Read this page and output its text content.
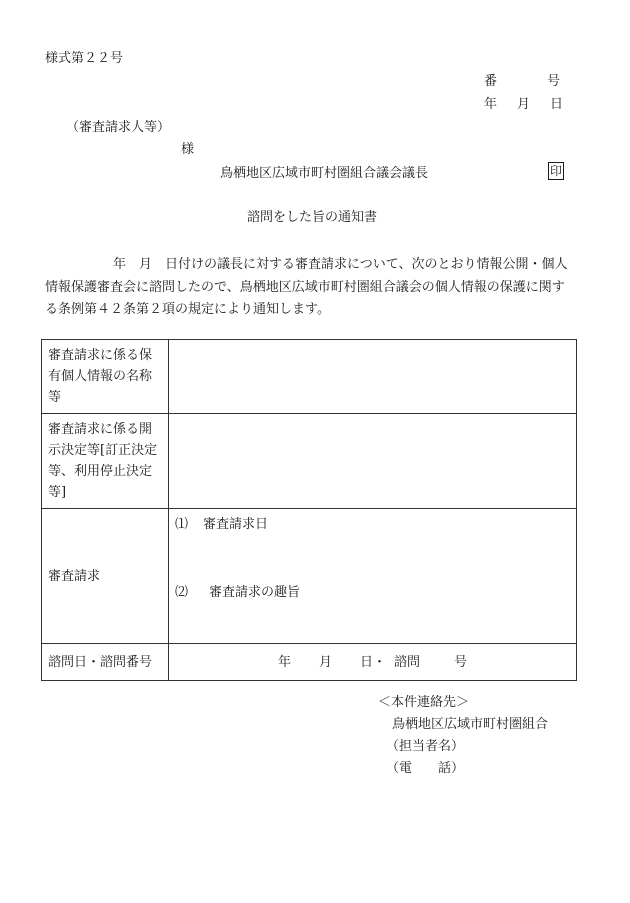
様式第２２号
番	号
年 月 日
（審査請求人等）
様
鳥栖地区広域市町村圏組合議会議長	印
諮問をした旨の通知書
年　月　日付けの議長に対する審査請求について、次のとおり情報公開・個人
情報保護審査会に諮問したので、鳥栖地区広域市町村圏組合議会の個人情報の保護に関す
る条例第４２条第２項の規定により通知します。
審査請求に係る保有個人情報の名称等	
審査請求に係る開示決定等[訂正決定等、利用停止決定等]	
審査請求	⑴ 審査請求日
⑵ 審査請求の趣旨

諮問日・諮問番号	年 月 日・ 諮問 号
＜本件連絡先＞
鳥栖地区広域市町村圏組合
（担当者名）
（電 話）
